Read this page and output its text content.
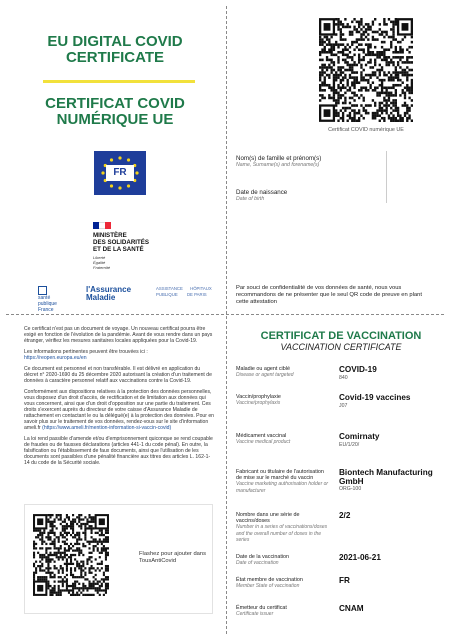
EU DIGITAL COVID
CERTIFICATE
CERTIFICAT COVID
NUMÉRIQUE UE
FR
MINISTÈRE
DES SOLIDARITÉS
ET DE LA SANTÉ
Liberté
Égalité
Fraternité
santé publique France
l'Assurance
Maladie
ASSISTANCE HÔPITAUX
PUBLIQUE DE PARIS
Certificat COVID numérique UE
Nom(s) de famille et prénom(s)
Name, Surname(s) and forename(s)
Date de naissance
Date of birth
Par souci de confidentialité de vos données de santé, nous vous recommandons de ne présenter que le seul QR code de preuve en plant cette attestation

Ce certificat n'est pas un document de voyage. Un nouveau certificat pourra être exigé en fonction de l'évolution de la pandémie. Avant de vous rendre dans un pays étranger, vérifiez les mesures sanitaires locales appliquées pour la Covid-19.

Les informations pertinentes peuvent être trouvées ici :
https://reopen.europa.eu/en

Ce document est personnel et non transférable. Il est délivré en application du décret n° 2020-1690 du 25 décembre 2020 autorisant la création d'un traitement de données à caractère personnel relatif aux vaccinations contre la Covid-19.

Conformément aux dispositions relatives à la protection des données personnelles, vous disposez d'un droit d'accès, de rectification et de limitation aux données qui vous concernent, ainsi que d'un droit d'opposition sur une partie du traitement. Ces droits s'exercent auprès du directeur de votre caisse d'Assurance Maladie de rattachement en contactant le ou la délégué(e) à la protection des données. Pour en savoir plus sur le traitement de vos données, rendez-vous sur le site d'information ameli.fr (https://www.ameli.fr/mention-information-si-vaccin-covid)

La loi rend passible d'amende et/ou d'emprisonnement quiconque se rend coupable de fraudes ou de fausses déclarations (articles 441-1 du code pénal). En outre, la falsification ou l'établissement de faux documents, ainsi que l'utilisation de les documents sont passibles d'une pénalité financière aux titres des articles L. 162-1-14 du code de la Sécurité sociale.

Flashez pour ajouter dans TousAntiCovid
CERTIFICAT DE VACCINATION
VACCINATION CERTIFICATE
Maladie ou agent ciblé
Disease or agent targeted
COVID-19
840
Vaccin/prophylaxie
Vaccine/prophylaxis
Covid-19 vaccines
J07
Médicament vaccinal
Vaccine medical product
Comirnaty
EU/1/20/
Fabricant ou titulaire de l'autorisation de mise sur le marché du vaccin
Vaccine marketing authorisation holder or manufacturer
Biontech Manufacturing GmbH
ORG-100
Nombre dans une série de vaccins/doses
Number in a series of vaccinations/doses and the overall number of doses in the series
2/2
Date de la vaccination
Date of vaccination
2021-06-21
État membre de vaccination
Member State of vaccination
FR
Émetteur du certificat
Certificate issuer
CNAM
